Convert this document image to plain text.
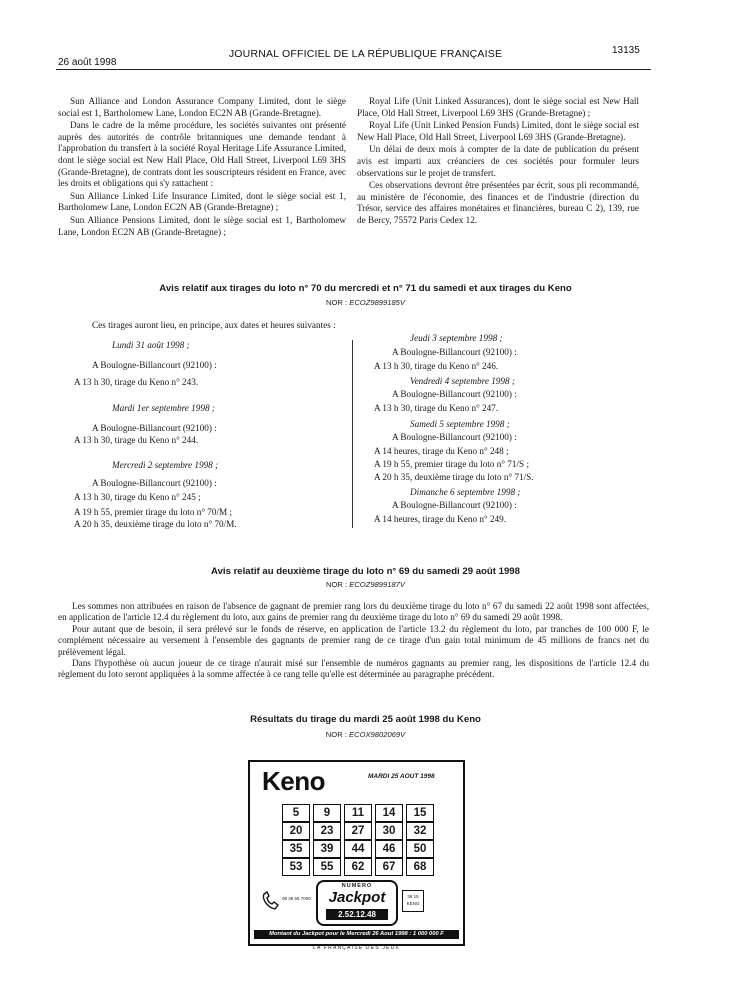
26 août 1998
JOURNAL OFFICIEL DE LA RÉPUBLIQUE FRANÇAISE	13135

Sun Alliance and London Assurance Company Limited, dont le siège social est 1, Bartholomew Lane, London EC2N AB (Grande-Bretagne).

Dans le cadre de la même procédure, les sociétés suivantes ont présenté auprès des autorités de contrôle britanniques une demande tendant à l'approbation du transfert à la société Royal Heritage Life Assurance Limited, dont le siège social est New Hall Place, Old Hall Street, Liverpool L69 3HS (Grande-Bretagne), de contrats dont les souscripteurs résident en France, avec les droits et obligations qui s'y rattachent :

Sun Alliance Linked Life Insurance Limited, dont le siège social est 1, Bartholomew Lane, London EC2N AB (Grande-Bretagne) ;

Sun Alliance Pensions Limited, dont le siège social est 1, Bartholomew Lane, London EC2N AB (Grande-Bretagne) ;

Royal Life (Unit Linked Assurances), dont le siège social est New Hall Place, Old Hall Street, Liverpool L69 3HS (Grande-Bretagne) ;

Royal Life (Unit Linked Pension Funds) Limited, dont le siège social est New Hall Place, Old Hall Street, Liverpool L69 3HS (Grande-Bretagne).

Un délai de deux mois à compter de la date de publication du présent avis est imparti aux créanciers de ces sociétés pour formuler leurs observations sur le projet de transfert.

Ces observations devront être présentées par écrit, sous pli recommandé, au ministère de l'économie, des finances et de l'industrie (direction du Trésor, service des affaires monétaires et financières, bureau C 2), 139, rue de Bercy, 75572 Paris Cedex 12.

Avis relatif aux tirages du loto n° 70 du mercredi et n° 71 du samedi et aux tirages du Keno
NOR : ECOZ9899185V
Ces tirages auront lieu, en principe, aux dates et heures suivantes :
Lundi 31 août 1998 ;
A Boulogne-Billancourt (92100) :
A 13 h 30, tirage du Keno n° 243.
Mardi 1er septembre 1998 ;
A Boulogne-Billancourt (92100) :
A 13 h 30, tirage du Keno n° 244.
Mercredi 2 septembre 1998 ;
A Boulogne-Billancourt (92100) :
A 13 h 30, tirage du Keno n° 245 ;
A 19 h 55, premier tirage du loto n° 70/M ;
A 20 h 35, deuxième tirage du loto n° 70/M.
Jeudi 3 septembre 1998 ;
A Boulogne-Billancourt (92100) :
A 13 h 30, tirage du Keno n° 246.
Vendredi 4 septembre 1998 ;
A Boulogne-Billancourt (92100) :
A 13 h 30, tirage du Keno n° 247.
Samedi 5 septembre 1998 ;
A Boulogne-Billancourt (92100) :
A 14 heures, tirage du Keno n° 248 ;
A 19 h 55, premier tirage du loto n° 71/S ;
A 20 h 35, deuxième tirage du loto n° 71/S.
Dimanche 6 septembre 1998 ;
A Boulogne-Billancourt (92100) :
A 14 heures, tirage du Keno n° 249.
Avis relatif au deuxième tirage du loto n° 69 du samedi 29 août 1998
NOR : ECOZ9899187V

Les sommes non attribuées en raison de l'absence de gagnant de premier rang lors du deuxième tirage du loto n° 67 du samedi 22 août 1998 sont affectées, en application de l'article 12.4 du règlement du loto, aux gains de premier rang du deuxième tirage du loto n° 69 du samedi 29 août 1998.

Pour autant que de besoin, il sera prélevé sur le fonds de réserve, en application de l'article 13.2 du règlement du loto, par tranches de 100 000 F, le complément nécessaire au versement à l'ensemble des gagnants de premier rang de ce tirage d'un gain total minimum de 45 millions de francs net du prélèvement légal.

Dans l'hypothèse où aucun joueur de ce tirage n'aurait misé sur l'ensemble de numéros gagnants au premier rang, les dispositions de l'article 12.4 du règlement du loto seront appliquées à la somme affectée à ce rang telle qu'elle est déterminée au paragraphe précédent.

Résultats du tirage du mardi 25 août 1998 du Keno
NOR : ECOX9802069V
Keno	MARDI 25 AOUT 1998
5	9	11	14	15
20	23	27	30	32
35	39	44	46	50
53	55	62	67	68
08 36 65 7000
NUMERO
Jackpot
2.52.12.48
36 15 KENO
Montant du Jackpot pour le Mercredi 26 Aout 1998 : 1 000 000 F
LA FRANÇAISE DES JEUX
